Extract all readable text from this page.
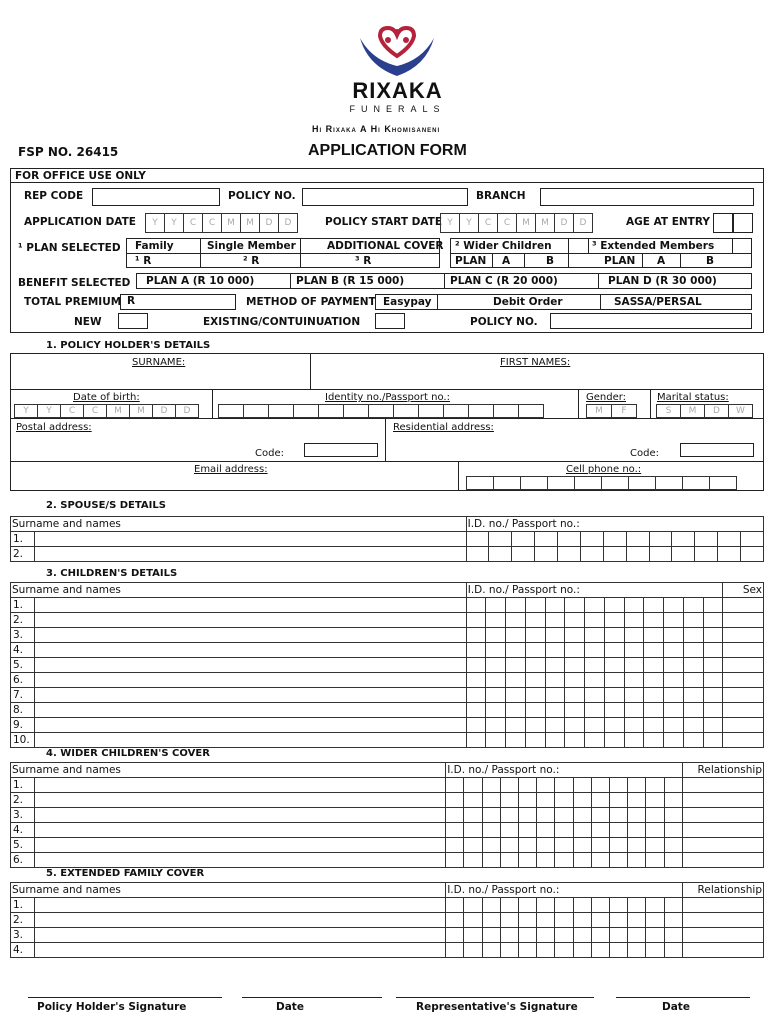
RIXAKA
FUNERALS
Hi Rixaka A Hi Khomisaneni
FSP NO. 26415	APPLICATION FORM
FOR OFFICE USE ONLY
REP CODE	POLICY NO.	BRANCH
APPLICATION DATE	Y	Y	C	C	M	M	D	D	POLICY START DATE Y	Y	C	C	M	M	D	D	AGE AT ENTRY
¹ PLAN SELECTED Family	Single Member	ADDITIONAL COVER
¹ R	² R	³ R
² Wider Children	³ Extended Members
PLAN A	B	PLAN A	B
BENEFIT SELECTED PLAN A (R 10 000)	PLAN B (R 15 000)	PLAN C (R 20 000)	PLAN D (R 30 000)
TOTAL PREMIUM R	METHOD OF PAYMENT Easypay	Debit Order	SASSA/PERSAL
NEW	EXISTING/CONTUINUATION	POLICY NO.
1. POLICY HOLDER'S DETAILS
SURNAME:	FIRST NAMES:
Date of birth:	Identity no./Passport no.:	Gender:	Marital status:
Y	Y	C	C	M	M	D	D	M	F	S	M	D	W
Postal address:	Residential address:
Code:	Code:
Email address:	Cell phone no.:
2. SPOUSE/S DETAILS
Surname and names	I.D. no./ Passport no.:												

1.													

2.													

3. CHILDREN'S DETAILS
Surname and names	I.D. no./ Passport no.:													Sex

1.														

2.														

3.														

4.														

5.														

6.														

7.														

8.														

9.														

10.														

4. WIDER CHILDREN'S COVER
Surname and names	I.D. no./ Passport no.:													Relationship

1.														

2.														

3.														

4.														

5.														

6.														

5. EXTENDED FAMILY COVER
Surname and names	I.D. no./ Passport no.:													Relationship

1.														

2.														

3.														

4.														

Policy Holder's Signature	Date	Representative's Signature	Date
